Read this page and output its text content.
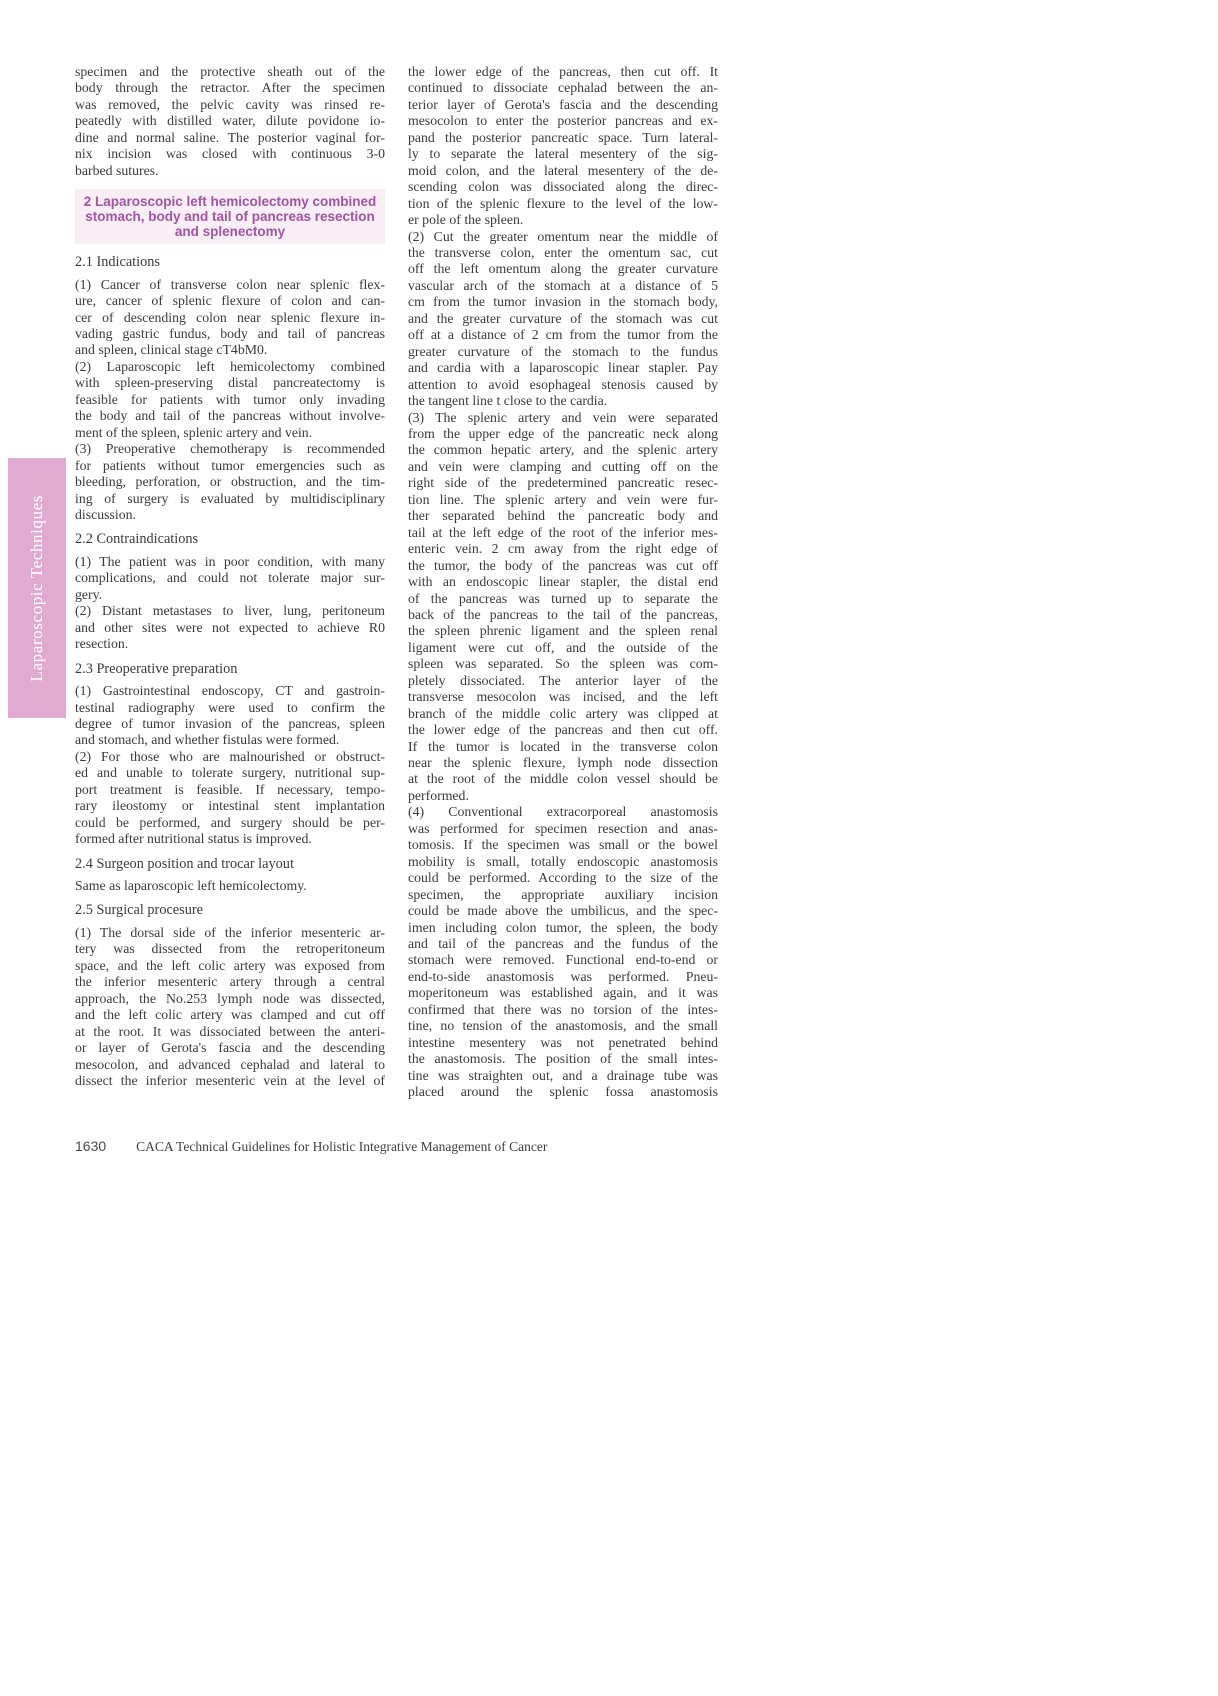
Laparoscopic Techniques
specimen and the protective sheath out of the
body through the retractor. After the specimen
was removed, the pelvic cavity was rinsed re-
peatedly with distilled water, dilute povidone io-
dine and normal saline. The posterior vaginal for-
nix incision was closed with continuous 3-0
barbed sutures.
2 Laparoscopic left hemicolectomy combined
stomach, body and tail of pancreas resection
and splenectomy
2.1 Indications
(1) Cancer of transverse colon near splenic flex-
ure, cancer of splenic flexure of colon and can-
cer of descending colon near splenic flexure in-
vading gastric fundus, body and tail of pancreas
and spleen, clinical stage cT4bM0.
(2) Laparoscopic left hemicolectomy combined
with spleen-preserving distal pancreatectomy is
feasible for patients with tumor only invading
the body and tail of the pancreas without involve-
ment of the spleen, splenic artery and vein.
(3) Preoperative chemotherapy is recommended
for patients without tumor emergencies such as
bleeding, perforation, or obstruction, and the tim-
ing of surgery is evaluated by multidisciplinary
discussion.
2.2 Contraindications
(1) The patient was in poor condition, with many
complications, and could not tolerate major sur-
gery.
(2) Distant metastases to liver, lung, peritoneum
and other sites were not expected to achieve R0
resection.
2.3 Preoperative preparation
(1) Gastrointestinal endoscopy, CT and gastroin-
testinal radiography were used to confirm the
degree of tumor invasion of the pancreas, spleen
and stomach, and whether fistulas were formed.
(2) For those who are malnourished or obstruct-
ed and unable to tolerate surgery, nutritional sup-
port treatment is feasible. If necessary, tempo-
rary ileostomy or intestinal stent implantation
could be performed, and surgery should be per-
formed after nutritional status is improved.
2.4 Surgeon position and trocar layout
Same as laparoscopic left hemicolectomy.
2.5 Surgical procesure
(1) The dorsal side of the inferior mesenteric ar-
tery was dissected from the retroperitoneum
space, and the left colic artery was exposed from
the inferior mesenteric artery through a central
approach, the No.253 lymph node was dissected,
and the left colic artery was clamped and cut off
at the root. It was dissociated between the anteri-
or layer of Gerota's fascia and the descending
mesocolon, and advanced cephalad and lateral to
dissect the inferior mesenteric vein at the level of
the lower edge of the pancreas, then cut off. It
continued to dissociate cephalad between the an-
terior layer of Gerota's fascia and the descending
mesocolon to enter the posterior pancreas and ex-
pand the posterior pancreatic space. Turn lateral-
ly to separate the lateral mesentery of the sig-
moid colon, and the lateral mesentery of the de-
scending colon was dissociated along the direc-
tion of the splenic flexure to the level of the low-
er pole of the spleen.
(2) Cut the greater omentum near the middle of
the transverse colon, enter the omentum sac, cut
off the left omentum along the greater curvature
vascular arch of the stomach at a distance of 5
cm from the tumor invasion in the stomach body,
and the greater curvature of the stomach was cut
off at a distance of 2 cm from the tumor from the
greater curvature of the stomach to the fundus
and cardia with a laparoscopic linear stapler. Pay
attention to avoid esophageal stenosis caused by
the tangent line t close to the cardia.
(3) The splenic artery and vein were separated
from the upper edge of the pancreatic neck along
the common hepatic artery, and the splenic artery
and vein were clamping and cutting off on the
right side of the predetermined pancreatic resec-
tion line. The splenic artery and vein were fur-
ther separated behind the pancreatic body and
tail at the left edge of the root of the inferior mes-
enteric vein. 2 cm away from the right edge of
the tumor, the body of the pancreas was cut off
with an endoscopic linear stapler, the distal end
of the pancreas was turned up to separate the
back of the pancreas to the tail of the pancreas,
the spleen phrenic ligament and the spleen renal
ligament were cut off, and the outside of the
spleen was separated. So the spleen was com-
pletely dissociated. The anterior layer of the
transverse mesocolon was incised, and the left
branch of the middle colic artery was clipped at
the lower edge of the pancreas and then cut off.
If the tumor is located in the transverse colon
near the splenic flexure, lymph node dissection
at the root of the middle colon vessel should be
performed.
(4) Conventional extracorporeal anastomosis
was performed for specimen resection and anas-
tomosis. If the specimen was small or the bowel
mobility is small, totally endoscopic anastomosis
could be performed. According to the size of the
specimen, the appropriate auxiliary incision
could be made above the umbilicus, and the spec-
imen including colon tumor, the spleen, the body
and tail of the pancreas and the fundus of the
stomach were removed. Functional end-to-end or
end-to-side anastomosis was performed. Pneu-
moperitoneum was established again, and it was
confirmed that there was no torsion of the intes-
tine, no tension of the anastomosis, and the small
intestine mesentery was not penetrated behind
the anastomosis. The position of the small intes-
tine was straighten out, and a drainage tube was
placed around the splenic fossa anastomosis
1630 CACA Technical Guidelines for Holistic Integrative Management of Cancer
